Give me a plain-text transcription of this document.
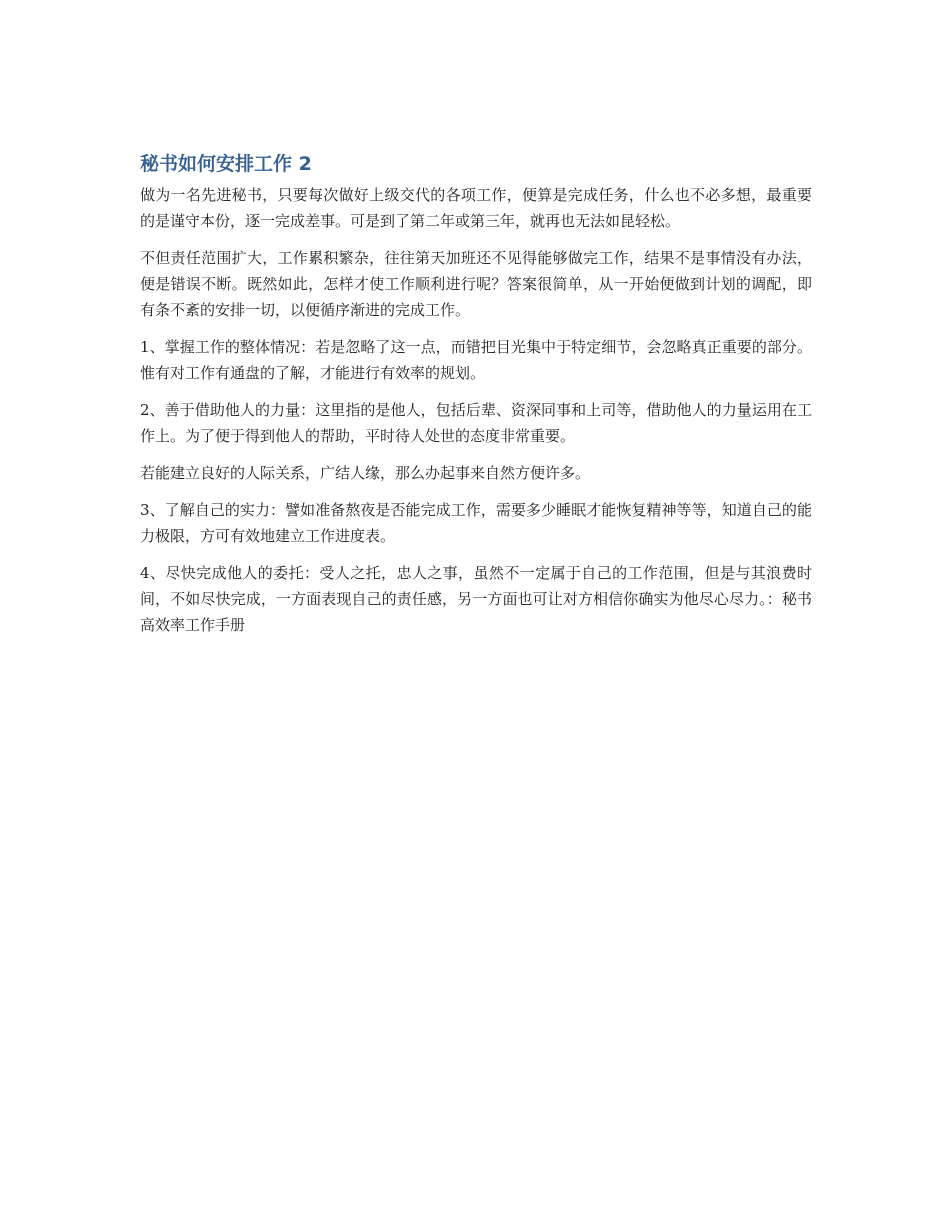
秘书如何安排工作 2

做为一名先进秘书，只要每次做好上级交代的各项工作，便算是完成任务，什么也不必多想，最重要的是谨守本份，逐一完成差事。可是到了第二年或第三年，就再也无法如昆轻松。

不但责任范围扩大，工作累积繁杂，往往第天加班还不见得能够做完工作，结果不是事情没有办法，便是错误不断。既然如此，怎样才使工作顺利进行呢？答案很简单，从一开始便做到计划的调配，即有条不紊的安排一切，以便循序渐进的完成工作。

1、掌握工作的整体情况：若是忽略了这一点，而错把目光集中于特定细节，会忽略真正重要的部分。惟有对工作有通盘的了解，才能进行有效率的规划。

2、善于借助他人的力量：这里指的是他人，包括后辈、资深同事和上司等，借助他人的力量运用在工作上。为了便于得到他人的帮助，平时待人处世的态度非常重要。

若能建立良好的人际关系，广结人缘，那么办起事来自然方便许多。

3、了解自己的实力：譬如准备熬夜是否能完成工作，需要多少睡眠才能恢复精神等等，知道自己的能力极限，方可有效地建立工作进度表。

4、尽快完成他人的委托：受人之托，忠人之事，虽然不一定属于自己的工作范围，但是与其浪费时间，不如尽快完成，一方面表现自己的责任感，另一方面也可让对方相信你确实为他尽心尽力。：秘书高效率工作手册
